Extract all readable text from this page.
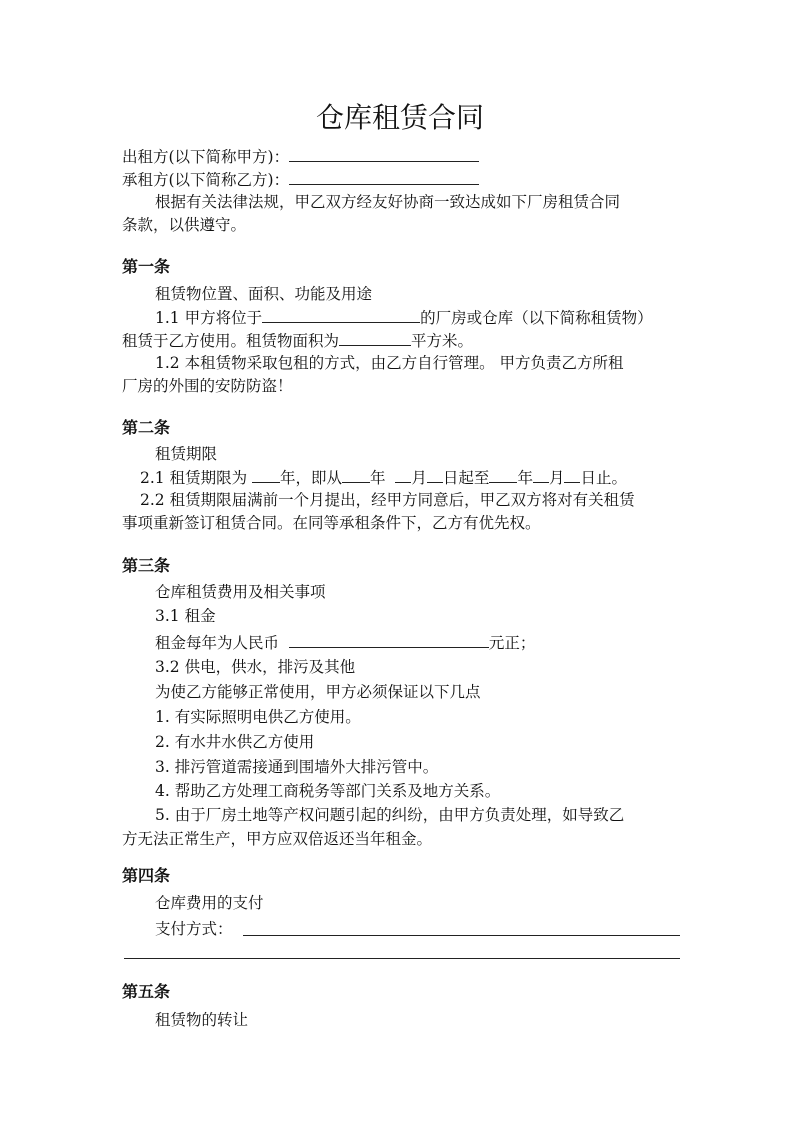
仓库租赁合同
出租方(以下简称甲方)：
承租方(以下简称乙方)：
根据有关法律法规，甲乙双方经友好协商一致达成如下厂房租赁合同
条款，以供遵守。
第一条
租赁物位置、面积、功能及用途
1.1 甲方将位于	的厂房或仓库（以下简称租赁物）
租赁于乙方使用。租赁物面积为	平方米。
1.2 本租赁物采取包租的方式，由乙方自行管理。 甲方负责乙方所租
厂房的外围的安防防盗！
第二条
租赁期限
2.1 租赁期限为 年，即从 年 月 日起至 年 月 日止。
2.2 租赁期限届满前一个月提出，经甲方同意后，甲乙双方将对有关租赁
事项重新签订租赁合同。在同等承租条件下，乙方有优先权。
第三条
仓库租赁费用及相关事项
3.1 租金
租金每年为人民币	元正；
3.2 供电，供水，排污及其他
为使乙方能够正常使用，甲方必须保证以下几点
1. 有实际照明电供乙方使用。
2. 有水井水供乙方使用
3. 排污管道需接通到围墙外大排污管中。
4. 帮助乙方处理工商税务等部门关系及地方关系。
5. 由于厂房土地等产权问题引起的纠纷，由甲方负责处理，如导致乙
方无法正常生产，甲方应双倍返还当年租金。
第四条
仓库费用的支付
支付方式：
第五条
租赁物的转让
